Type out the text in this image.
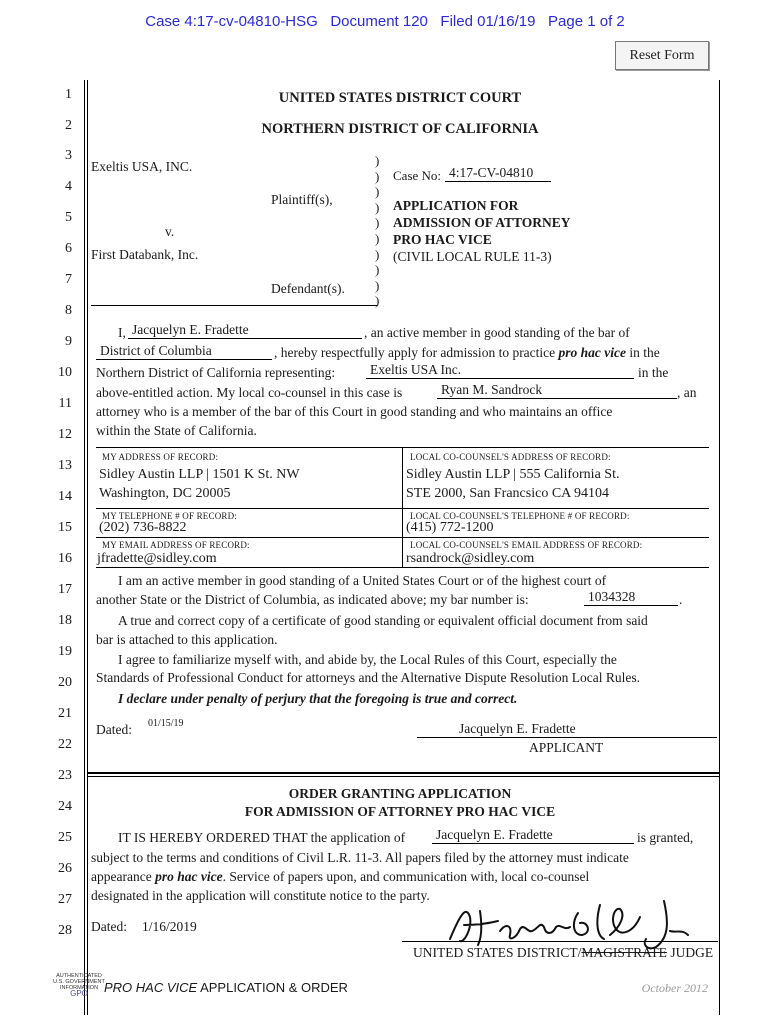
Case 4:17-cv-04810-HSG Document 120 Filed 01/16/19 Page 1 of 2
Reset Form
1
2
3
4
5
6
7
8
9
10
11
12
13
14
15
16
17
18
19
20
21
22
23
24
25
26
27
28
UNITED STATES DISTRICT COURT
NORTHERN DISTRICT OF CALIFORNIA
Exeltis USA, INC.
Plaintiff(s),
v.
First Databank, Inc.
Defendant(s).
)
)
)
)
)
)
)
)
)
)
Case No: 4:17-CV-04810
APPLICATION FOR
ADMISSION OF ATTORNEY
PRO HAC VICE
(CIVIL LOCAL RULE 11-3)
I, Jacquelyn E. Fradette	, an active member in good standing of the bar of
District of Columbia	, hereby respectfully apply for admission to practice pro hac vice in the
Northern District of California representing:	Exeltis USA Inc.	in the
above-entitled action. My local co-counsel in this case is	Ryan M. Sandrock	, an
attorney who is a member of the bar of this Court in good standing and who maintains an office
within the State of California.
MY ADDRESS OF RECORD:
Sidley Austin LLP | 1501 K St. NW
Washington, DC 20005
LOCAL CO-COUNSEL'S ADDRESS OF RECORD:
Sidley Austin LLP | 555 California St.
STE 2000, San Francsico CA 94104
MY TELEPHONE # OF RECORD:
(202) 736-8822
LOCAL CO-COUNSEL'S TELEPHONE # OF RECORD:
(415) 772-1200
MY EMAIL ADDRESS OF RECORD:
jfradette@sidley.com
LOCAL CO-COUNSEL'S EMAIL ADDRESS OF RECORD:
rsandrock@sidley.com
I am an active member in good standing of a United States Court or of the highest court of
another State or the District of Columbia, as indicated above; my bar number is:	1034328	.
A true and correct copy of a certificate of good standing or equivalent official document from said
bar is attached to this application.
I agree to familiarize myself with, and abide by, the Local Rules of this Court, especially the
Standards of Professional Conduct for attorneys and the Alternative Dispute Resolution Local Rules.
I declare under penalty of perjury that the foregoing is true and correct.
Dated: 01/15/19	Jacquelyn E. Fradette
APPLICANT
ORDER GRANTING APPLICATION
FOR ADMISSION OF ATTORNEY PRO HAC VICE
IT IS HEREBY ORDERED THAT the application of Jacquelyn E. Fradette	is granted,
subject to the terms and conditions of Civil L.R. 11-3. All papers filed by the attorney must indicate
appearance pro hac vice. Service of papers upon, and communication with, local co-counsel
designated in the application will constitute notice to the party.
Dated: 1/16/2019
UNITED STATES DISTRICT/MAGISTRATE JUDGE
PRO HAC VICE APPLICATION & ORDER	October 2012
AUTHENTICATED
U.S. GOVERNMENT
INFORMATION
GPO
